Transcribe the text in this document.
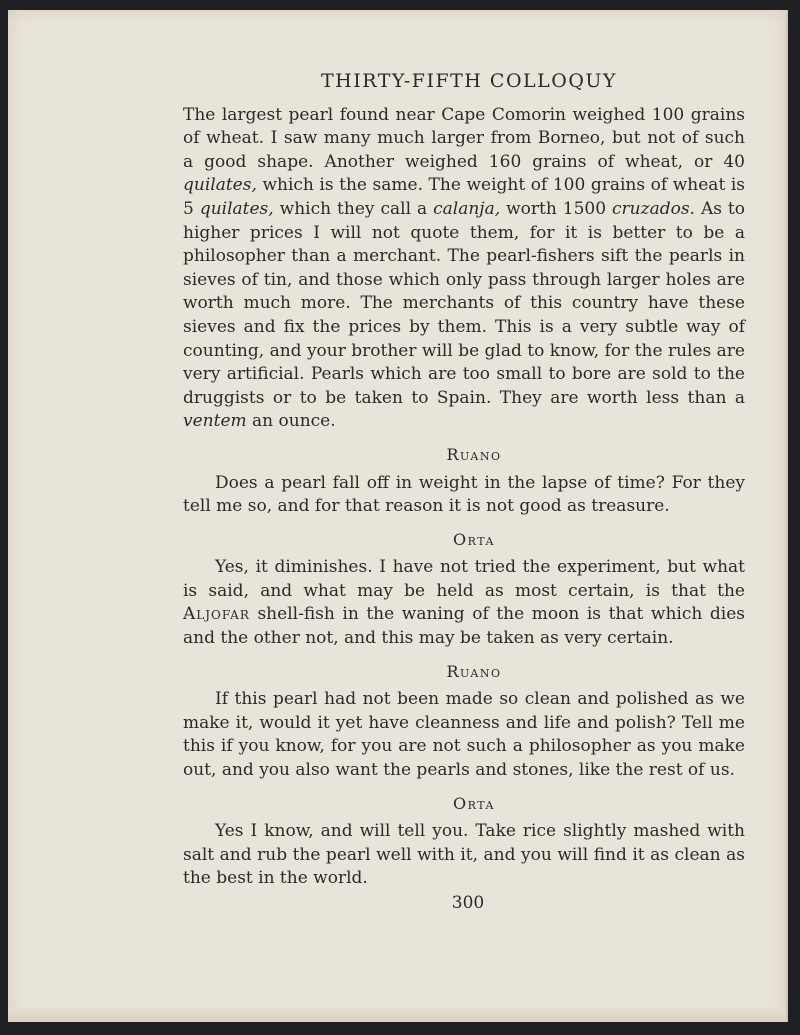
THIRTY-FIFTH COLLOQUY

The largest pearl found near Cape Comorin weighed 100 grains of wheat. I saw many much larger from Borneo, but not of such a good shape. Another weighed 160 grains of wheat, or 40 quilates, which is the same. The weight of 100 grains of wheat is 5 quilates, which they call a calanja, worth 1500 cruzados. As to higher prices I will not quote them, for it is better to be a philosopher than a merchant. The pearl-fishers sift the pearls in sieves of tin, and those which only pass through larger holes are worth much more. The merchants of this country have these sieves and fix the prices by them. This is a very subtle way of counting, and your brother will be glad to know, for the rules are very artificial. Pearls which are too small to bore are sold to the druggists or to be taken to Spain. They are worth less than a ventem an ounce.

Ruano

Does a pearl fall off in weight in the lapse of time? For they tell me so, and for that reason it is not good as treasure.

Orta

Yes, it diminishes. I have not tried the experiment, but what is said, and what may be held as most certain, is that the Aljofar shell-fish in the waning of the moon is that which dies and the other not, and this may be taken as very certain.

Ruano

If this pearl had not been made so clean and polished as we make it, would it yet have cleanness and life and polish? Tell me this if you know, for you are not such a philosopher as you make out, and you also want the pearls and stones, like the rest of us.

Orta

Yes I know, and will tell you. Take rice slightly mashed with salt and rub the pearl well with it, and you will find it as clean as the best in the world.

300
